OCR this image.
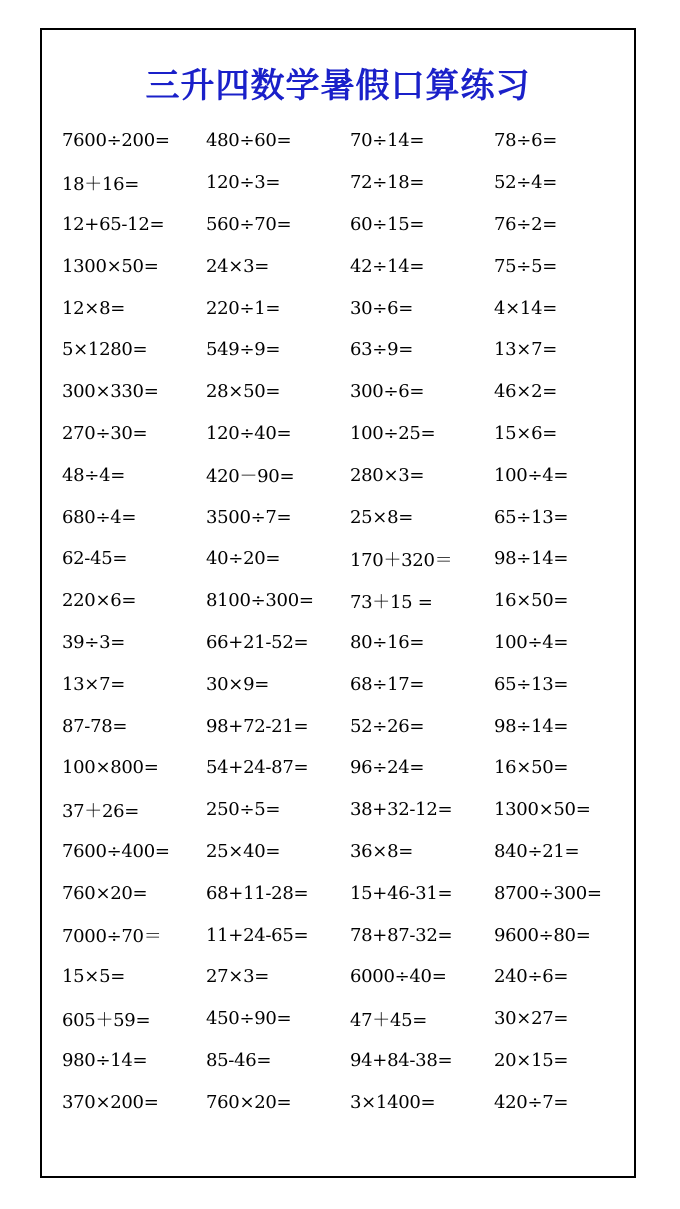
三升四数学暑假口算练习
7600÷200=	480÷60=	70÷14=	78÷6=
18＋16=	120÷3=	72÷18=	52÷4=
12+65-12=	560÷70=	60÷15=	76÷2=
1300×50=	24×3=	42÷14=	75÷5=
12×8=	220÷1=	30÷6=	4×14=
5×1280=	549÷9=	63÷9=	13×7=
300×330=	28×50=	300÷6=	46×2=
270÷30=	120÷40=	100÷25=	15×6=
48÷4=	420－90=	280×3=	100÷4=
680÷4=	3500÷7=	25×8=	65÷13=
62-45=	40÷20=	170＋320＝	98÷14=
220×6=	8100÷300=	73＋15 =	16×50=
39÷3=	66+21-52=	80÷16=	100÷4=
13×7=	30×9=	68÷17=	65÷13=
87-78=	98+72-21=	52÷26=	98÷14=
100×800=	54+24-87=	96÷24=	16×50=
37＋26=	250÷5=	38+32-12=	1300×50=
7600÷400=	25×40=	36×8=	840÷21=
760×20=	68+11-28=	15+46-31=	8700÷300=
7000÷70＝	11+24-65=	78+87-32=	9600÷80=
15×5=	27×3=	6000÷40=	240÷6=
605＋59=	450÷90=	47＋45=	30×27=
980÷14=	85-46=	94+84-38=	20×15=
370×200=	760×20=	3×1400=	420÷7=
